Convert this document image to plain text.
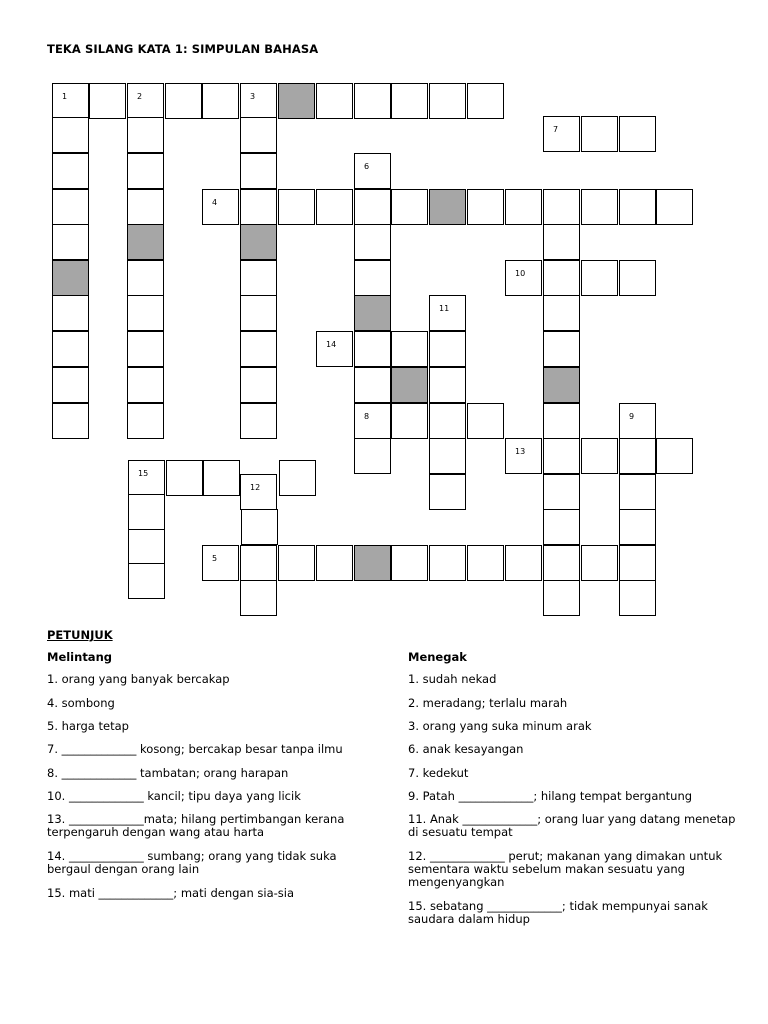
TEKA SILANG KATA 1: SIMPULAN BAHASA
1	2	3
6
4
10
11
14
8	9
13
5
7
15
12
PETUNJUK
Melintang	Menegak
1. orang yang banyak bercakap
4. sombong
5. harga tetap
7. _____________ kosong; bercakap besar tanpa ilmu
8. _____________ tambatan; orang harapan
10. _____________ kancil; tipu daya yang licik
13. _____________mata; hilang pertimbangan kerana terpengaruh dengan wang atau harta
14. _____________ sumbang; orang yang tidak suka bergaul dengan orang lain
15. mati _____________; mati dengan sia-sia
1. sudah nekad
2. meradang; terlalu marah
3. orang yang suka minum arak
6. anak kesayangan
7. kedekut
9. Patah _____________; hilang tempat bergantung
11. Anak _____________; orang luar yang datang menetap di sesuatu tempat
12. _____________ perut; makanan yang dimakan untuk sementara waktu sebelum makan sesuatu yang mengenyangkan
15. sebatang _____________; tidak mempunyai sanak saudara dalam hidup
